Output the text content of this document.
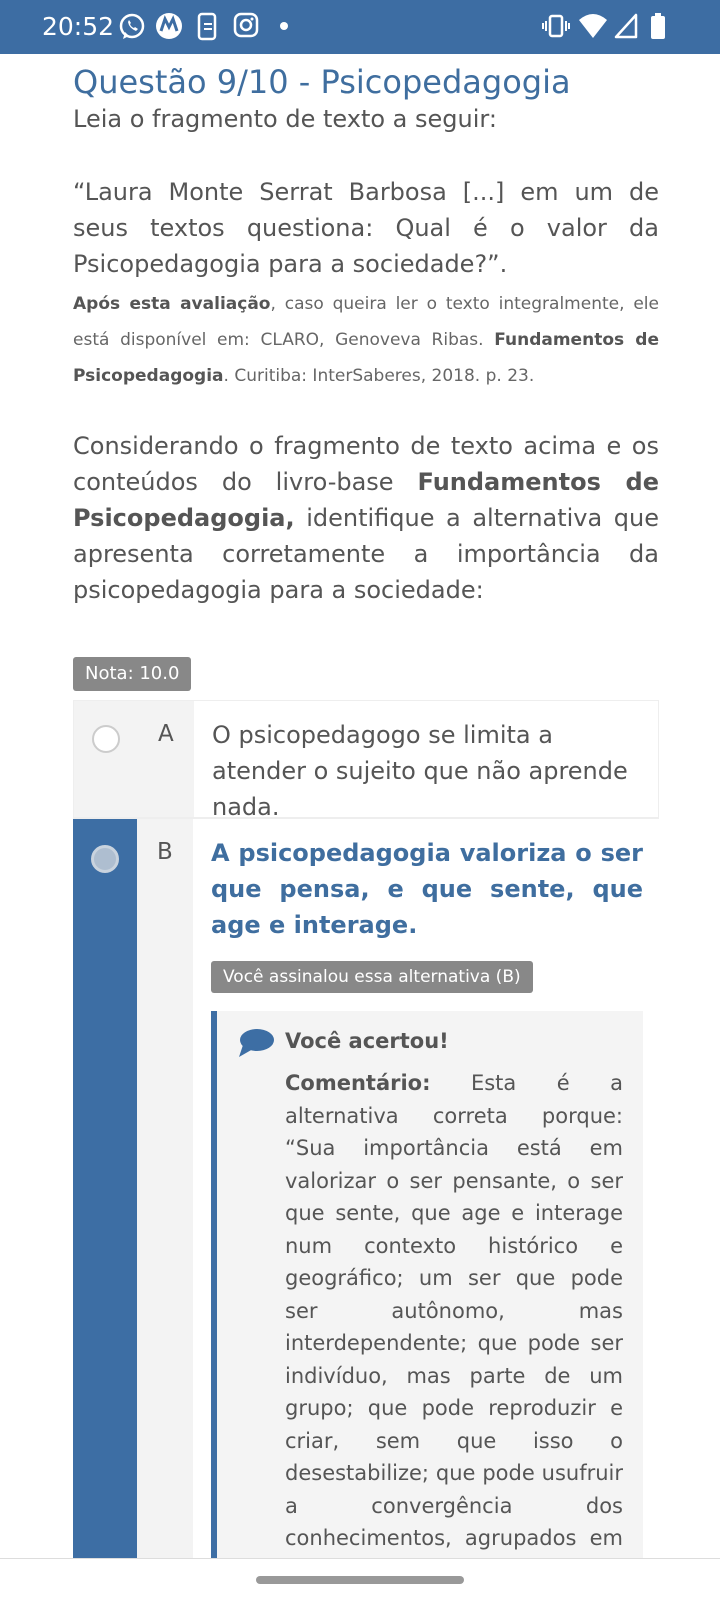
20:52
Questão 9/10 - Psicopedagogia

Leia o fragmento de texto a seguir:

“Laura Monte Serrat Barbosa [...] em um de seus textos questiona: Qual é o valor da Psicopedagogia para a sociedade?”.

Após esta avaliação, caso queira ler o texto integralmente, ele está disponível em: CLARO, Genoveva Ribas. Fundamentos de Psicopedagogia. Curitiba: InterSaberes, 2018. p. 23.

Considerando o fragmento de texto acima e os conteúdos do livro-base Fundamentos de Psicopedagogia, identifique a alternativa que apresenta corretamente a importância da psicopedagogia para a sociedade:

Nota: 10.0
A O psicopedagogo se limita a atender o sujeito que não aprende nada.
B A psicopedagogia valoriza o ser que pensa, e que sente, que age e interage.
Você assinalou essa alternativa (B)
Você acertou!
Comentário: Esta é a alternativa correta porque: “Sua importância está em valorizar o ser pensante, o ser que sente, que age e interage num contexto histórico e geográfico; um ser que pode ser autônomo, mas interdependente; que pode ser indivíduo, mas parte de um grupo; que pode reproduzir e criar, sem que isso o desestabilize; que pode usufruir a convergência dos conhecimentos, agrupados em
